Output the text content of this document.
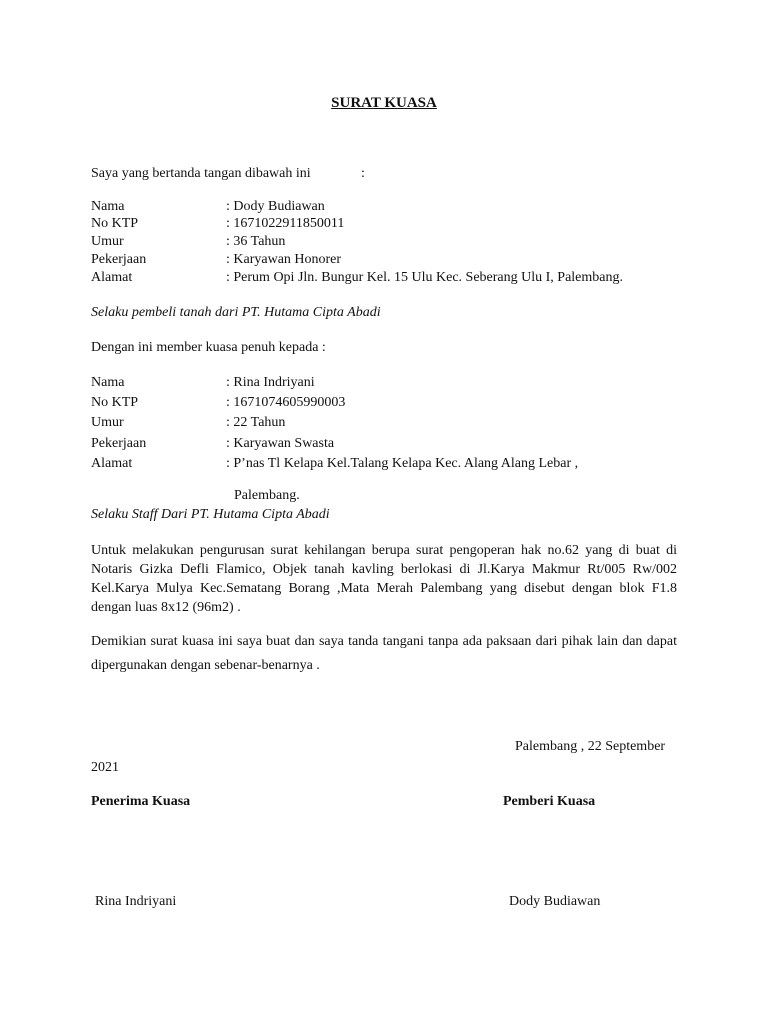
SURAT KUASA
Saya yang bertanda tangan dibawah ini	:
Nama	: Dody Budiawan
No KTP	: 1671022911850011
Umur	: 36 Tahun
Pekerjaan	: Karyawan Honorer
Alamat	: Perum Opi Jln. Bungur Kel. 15 Ulu Kec. Seberang Ulu I, Palembang.
Selaku pembeli tanah dari PT. Hutama Cipta Abadi
Dengan ini member kuasa penuh kepada :
Nama	: Rina Indriyani
No KTP	: 1671074605990003
Umur	: 22 Tahun
Pekerjaan	: Karyawan Swasta
Alamat	: P’nas Tl Kelapa Kel.Talang Kelapa Kec. Alang Alang Lebar ,
Palembang.
Selaku Staff Dari PT. Hutama Cipta Abadi
Untuk melakukan pengurusan surat kehilangan berupa surat pengoperan hak no.62 yang di buat di Notaris Gizka Defli Flamico, Objek tanah kavling berlokasi di Jl.Karya Makmur Rt/005 Rw/002 Kel.Karya Mulya Kec.Sematang Borang ,Mata Merah Palembang yang disebut dengan blok F1.8 dengan luas 8x12 (96m2) .
Demikian surat kuasa ini saya buat dan saya tanda tangani tanpa ada paksaan dari pihak lain dan dapat dipergunakan dengan sebenar-benarnya .
Palembang , 22 September
2021
Penerima Kuasa	Pemberi Kuasa
Rina Indriyani	Dody Budiawan
